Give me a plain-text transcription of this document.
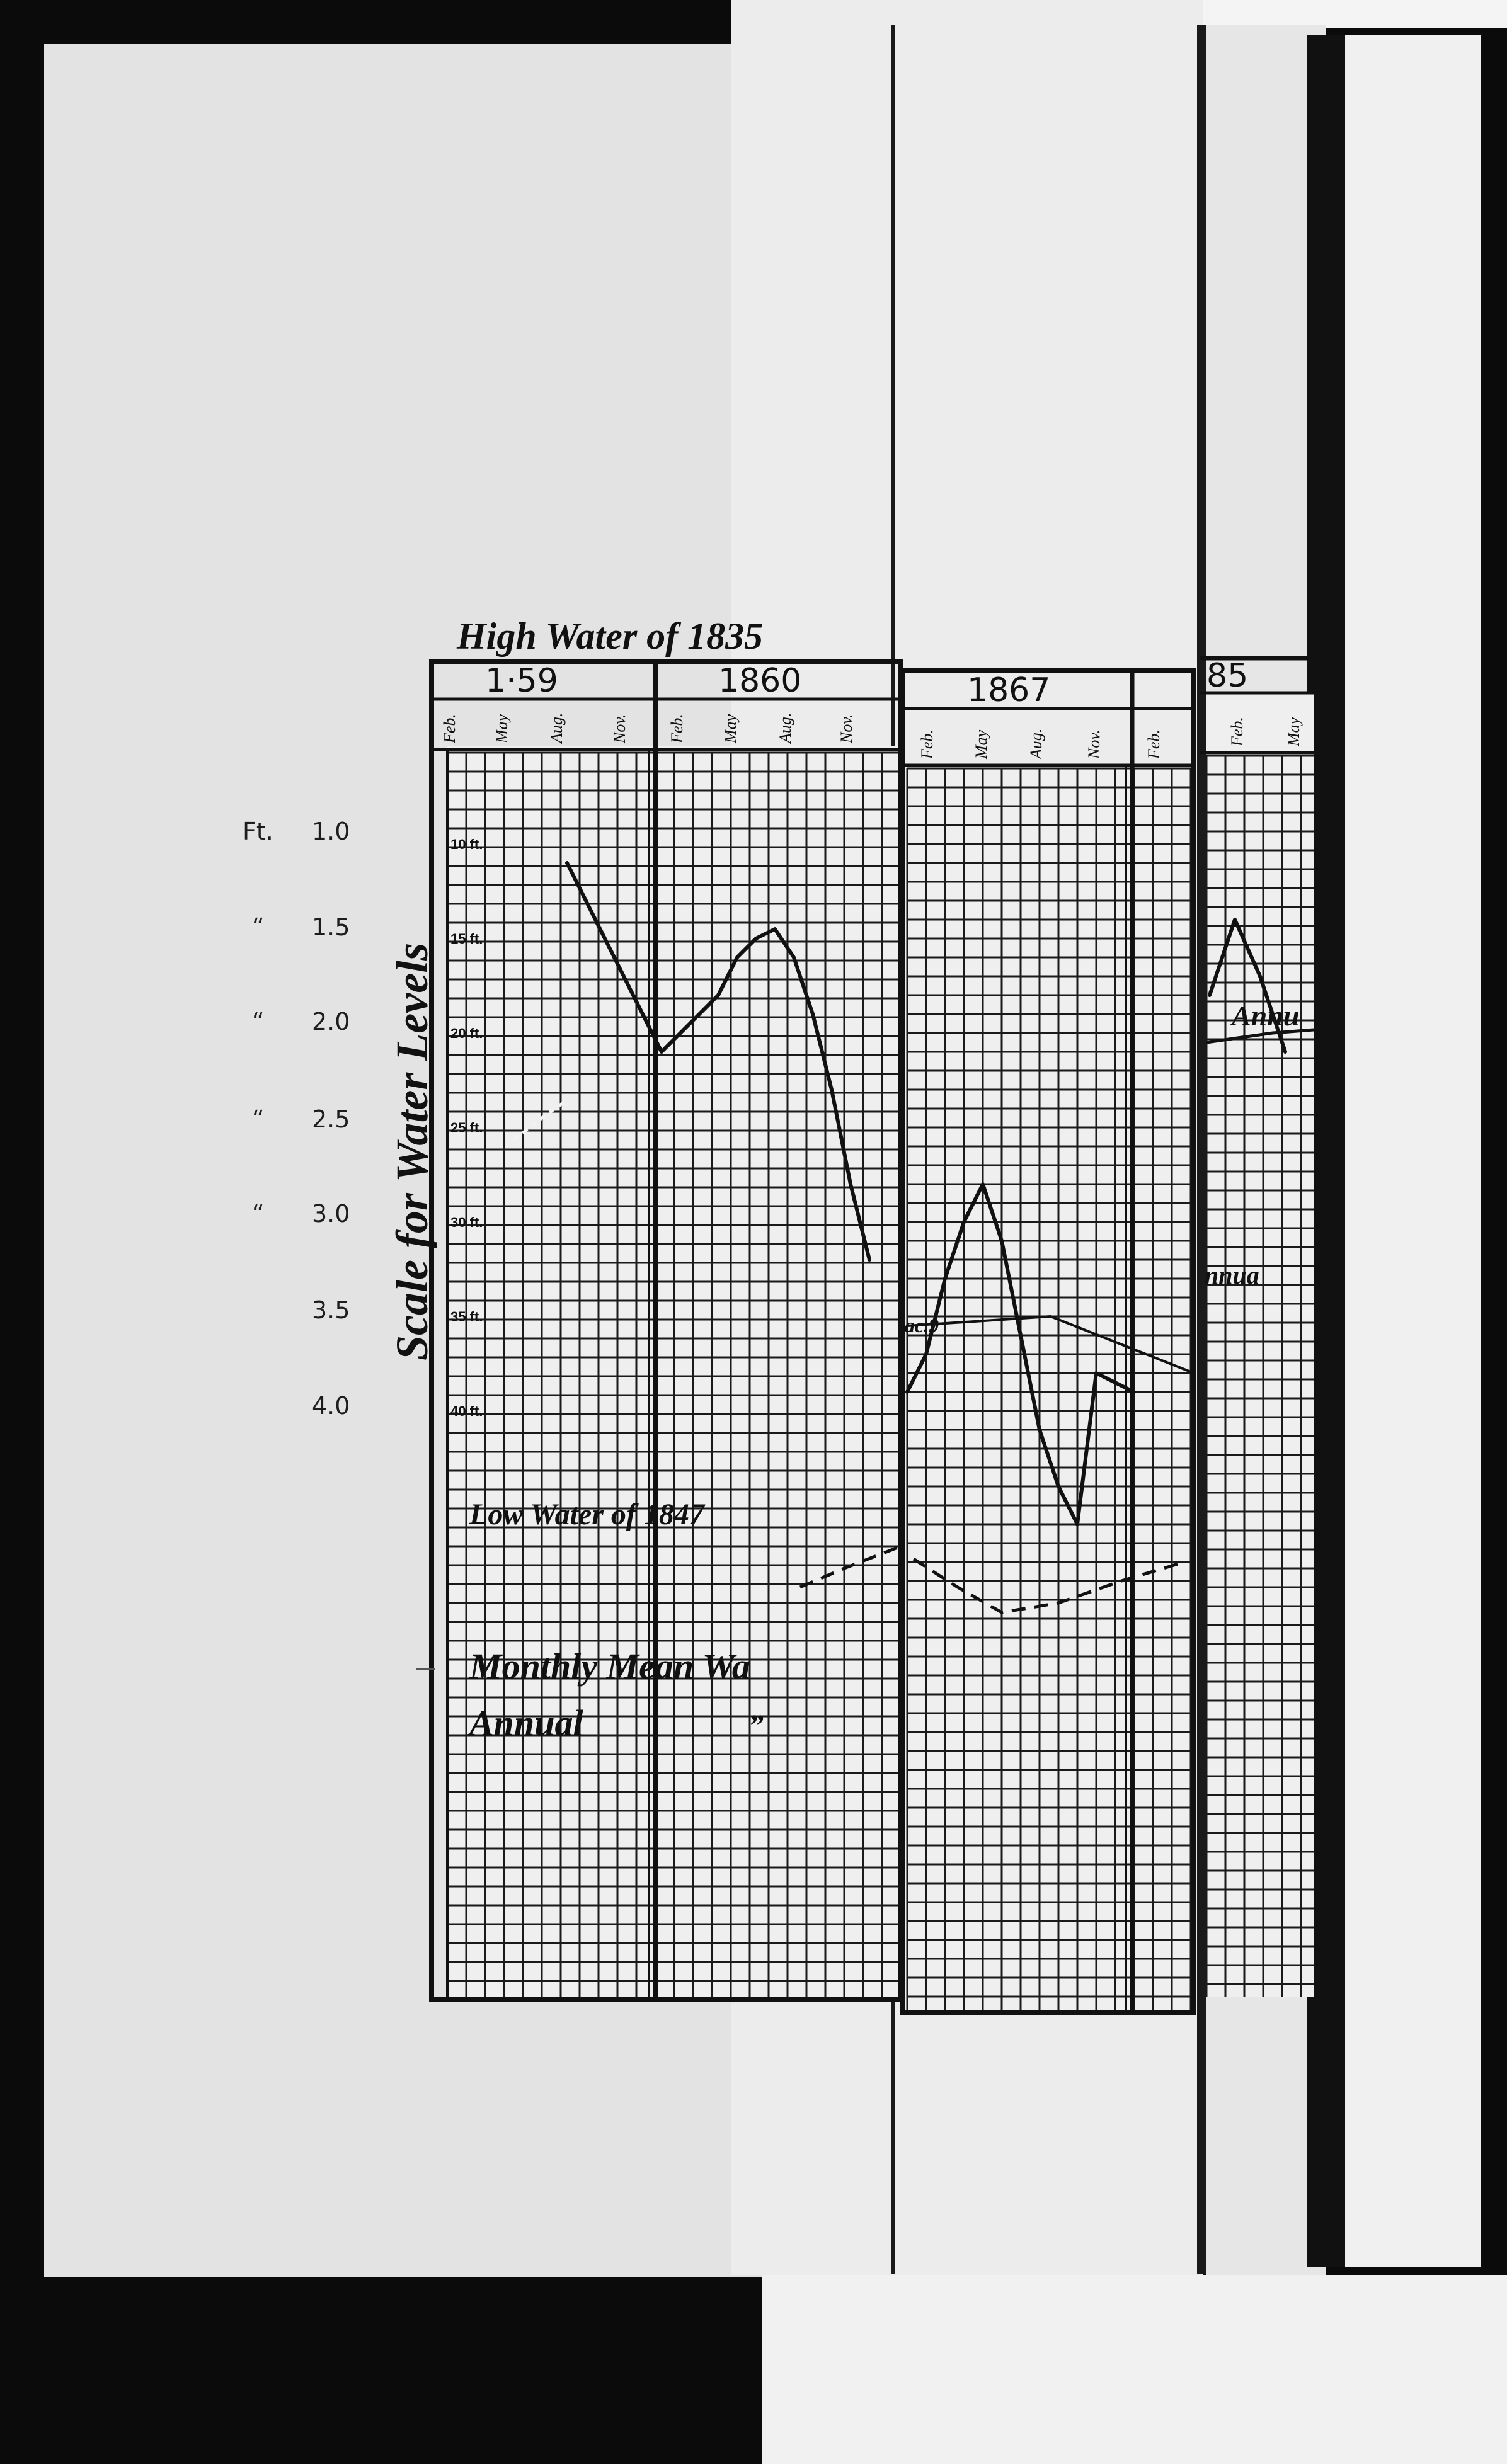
Ft. 1.0
“ 1.5
“ 2.0
“ 2.5
“ 3.0
3.5
4.0
Scale for Water Levels
High Water of 1835
1·59	1860
Feb. May Aug.	Nov. Feb. May Aug.	Nov.
10 ft.
15 ft.
20 ft.
25 ft.
30 ft.
35 ft.
40 ft.
Low Water of 1847
Monthly Mean Wa
Annual	”
1867
Feb. May Aug. Nov.	Feb.
ac.9
85
Feb. May
Annu
nnua
Ft
